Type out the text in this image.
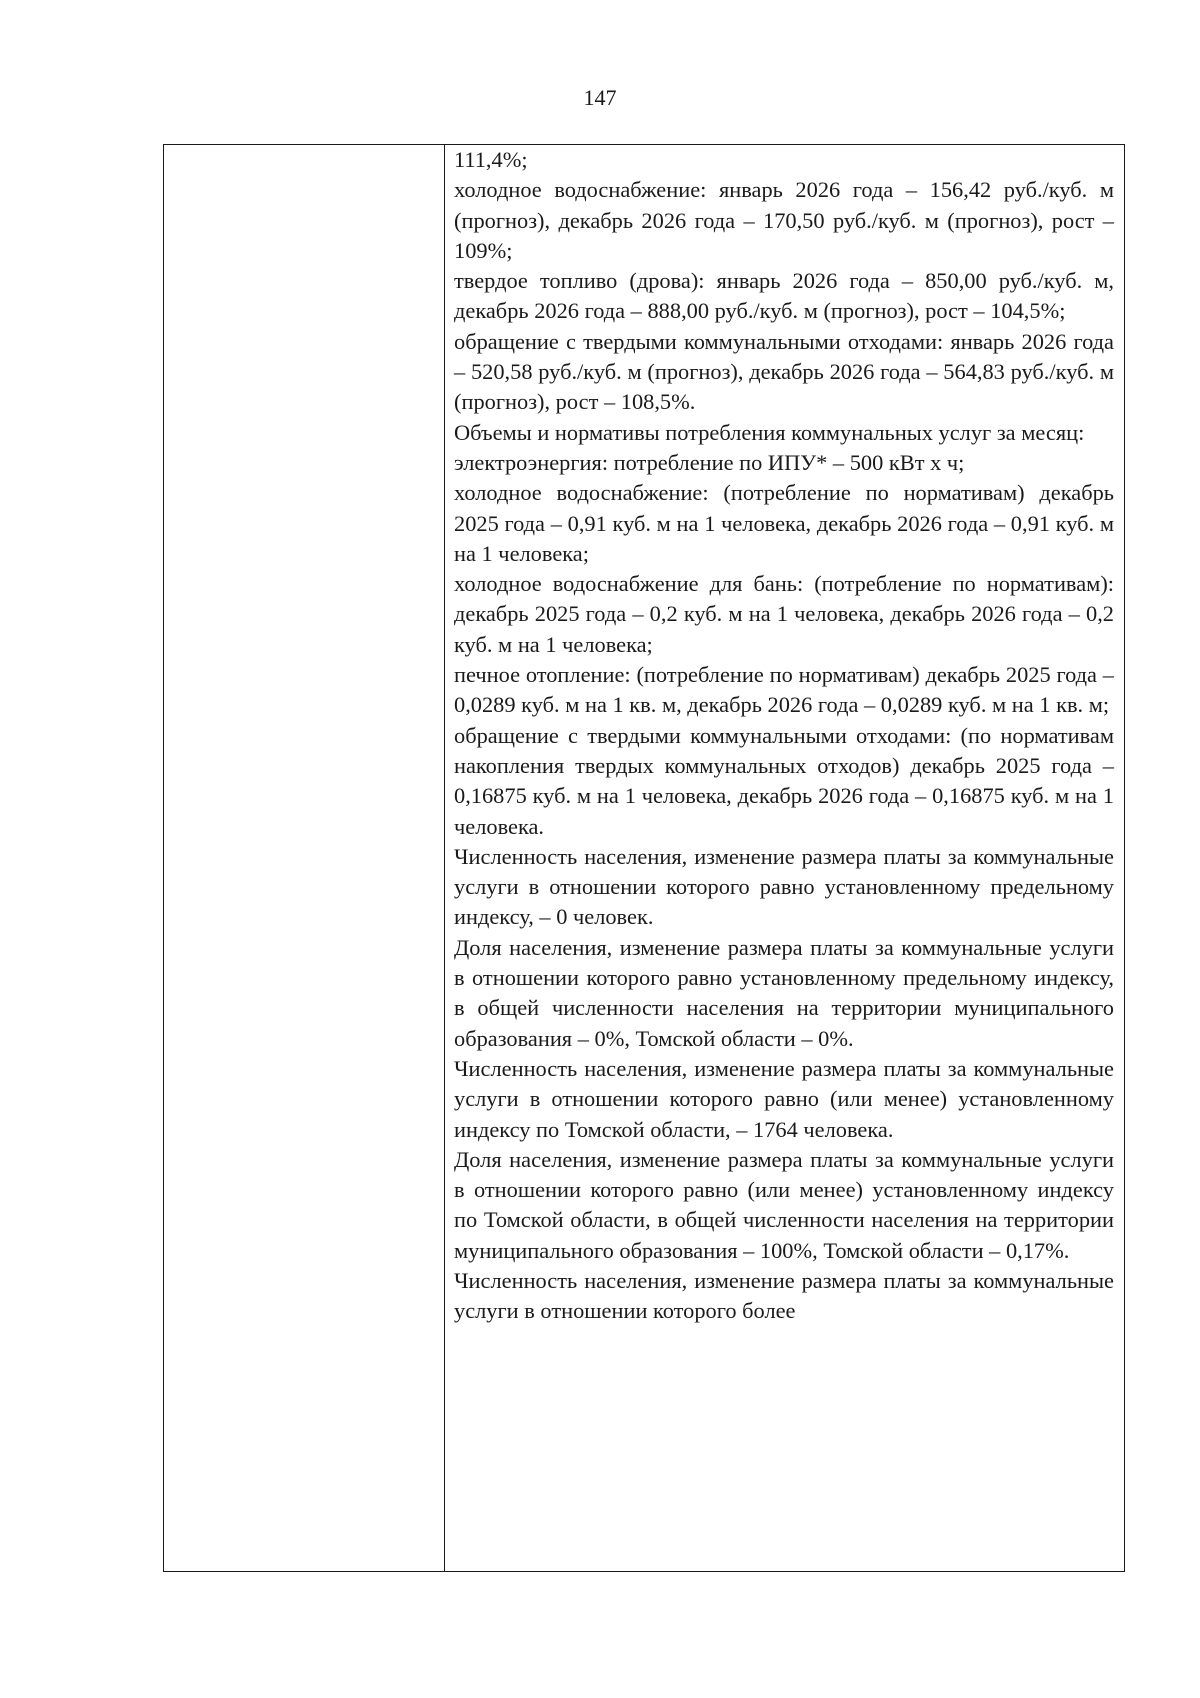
147

111,4%;

холодное водоснабжение: январь 2026 года – 156,42 руб./куб. м (прогноз), декабрь 2026 года – 170,50 руб./куб. м (прогноз), рост – 109%;

твердое топливо (дрова): январь 2026 года – 850,00 руб./куб. м, декабрь 2026 года – 888,00 руб./куб. м (прогноз), рост – 104,5%;

обращение с твердыми коммунальными отходами: январь 2026 года – 520,58 руб./куб. м (прогноз), декабрь 2026 года – 564,83 руб./куб. м (прогноз), рост – 108,5%.

Объемы и нормативы потребления коммунальных услуг за месяц:

электроэнергия: потребление по ИПУ* – 500 кВт х ч;

холодное водоснабжение: (потребление по нормативам) декабрь 2025 года – 0,91 куб. м на 1 человека, декабрь 2026 года – 0,91 куб. м на 1 человека;

холодное водоснабжение для бань: (потребление по нормативам): декабрь 2025 года – 0,2 куб. м на 1 человека, декабрь 2026 года – 0,2 куб. м на 1 человека;

печное отопление: (потребление по нормативам) декабрь 2025 года – 0,0289 куб. м на 1 кв. м, декабрь 2026 года – 0,0289 куб. м на 1 кв. м;

обращение с твердыми коммунальными отходами: (по нормативам накопления твердых коммунальных отходов) декабрь 2025 года – 0,16875 куб. м на 1 человека, декабрь 2026 года – 0,16875 куб. м на 1 человека.

Численность населения, изменение размера платы за коммунальные услуги в отношении которого равно установленному предельному индексу, – 0 человек.

Доля населения, изменение размера платы за коммунальные услуги в отношении которого равно установленному предельному индексу, в общей численности населения на территории муниципального образования – 0%, Томской области – 0%.

Численность населения, изменение размера платы за коммунальные услуги в отношении которого равно (или менее) установленному индексу по Томской области, – 1764 человека.

Доля населения, изменение размера платы за коммунальные услуги в отношении которого равно (или менее) установленному индексу по Томской области, в общей численности населения на территории муниципального образования – 100%, Томской области – 0,17%.

Численность населения, изменение размера платы за коммунальные услуги в отношении которого более
